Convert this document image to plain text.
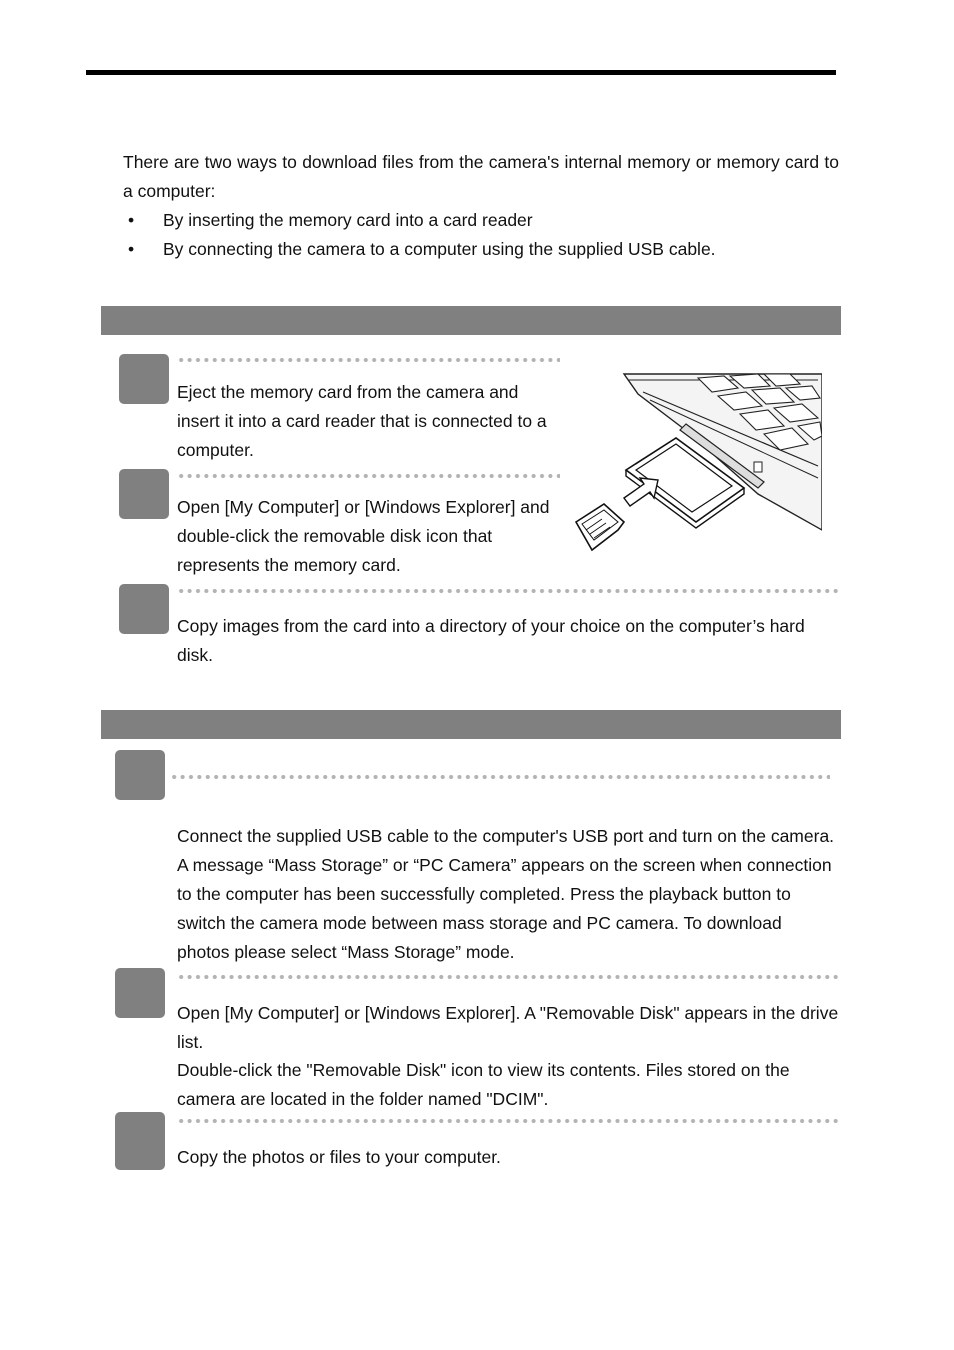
There are two ways to download files from the camera's internal memory or memory card to a computer:

• By inserting the memory card into a card reader
• By connecting the camera to a computer using the supplied USB cable.

Eject the memory card from the camera and insert it into a card reader that is connected to a computer.

Open [My Computer] or [Windows Explorer] and double-click the removable disk icon that represents the memory card.

Copy images from the card into a directory of your choice on the computer’s hard disk.

Connect the supplied USB cable to the computer's USB port and turn on the camera. A message “Mass Storage” or “PC Camera” appears on the screen when connection to the computer has been successfully completed. Press the playback button to switch the camera mode between mass storage and PC camera. To download photos please select “Mass Storage” mode.

Open [My Computer] or [Windows Explorer]. A "Removable Disk" appears in the drive list.

Double-click the "Removable Disk" icon to view its contents. Files stored on the camera are located in the folder named "DCIM".

Copy the photos or files to your computer.
